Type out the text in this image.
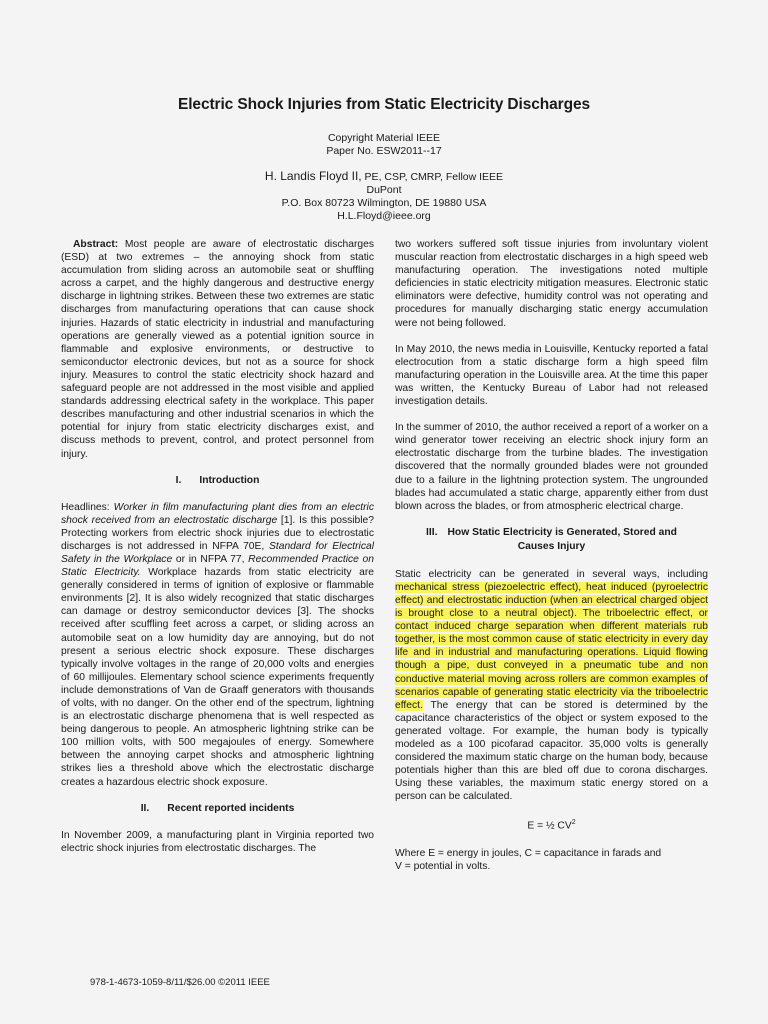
Electric Shock Injuries from Static Electricity Discharges
Copyright Material IEEE
Paper No. ESW2011--17
H. Landis Floyd II, PE, CSP, CMRP, Fellow IEEE
DuPont
P.O. Box 80723 Wilmington, DE 19880 USA
H.L.Floyd@ieee.org

Abstract: Most people are aware of electrostatic discharges (ESD) at two extremes – the annoying shock from static accumulation from sliding across an automobile seat or shuffling across a carpet, and the highly dangerous and destructive energy discharge in lightning strikes. Between these two extremes are static discharges from manufacturing operations that can cause shock injuries. Hazards of static electricity in industrial and manufacturing operations are generally viewed as a potential ignition source in flammable and explosive environments, or destructive to semiconductor electronic devices, but not as a source for shock injury. Measures to control the static electricity shock hazard and safeguard people are not addressed in the most visible and applied standards addressing electrical safety in the workplace. This paper describes manufacturing and other industrial scenarios in which the potential for injury from static electricity discharges exist, and discuss methods to prevent, control, and protect personnel from injury.

I. Introduction

Headlines: Worker in film manufacturing plant dies from an electric shock received from an electrostatic discharge [1]. Is this possible? Protecting workers from electric shock injuries due to electrostatic discharges is not addressed in NFPA 70E, Standard for Electrical Safety in the Workplace or in NFPA 77, Recommended Practice on Static Electricity. Workplace hazards from static electricity are generally considered in terms of ignition of explosive or flammable environments [2]. It is also widely recognized that static discharges can damage or destroy semiconductor devices [3]. The shocks received after scuffling feet across a carpet, or sliding across an automobile seat on a low humidity day are annoying, but do not present a serious electric shock exposure. These discharges typically involve voltages in the range of 20,000 volts and energies of 60 millijoules. Elementary school science experiments frequently include demonstrations of Van de Graaff generators with thousands of volts, with no danger. On the other end of the spectrum, lightning is an electrostatic discharge phenomena that is well respected as being dangerous to people. An atmospheric lightning strike can be 100 million volts, with 500 megajoules of energy. Somewhere between the annoying carpet shocks and atmospheric lightning strikes lies a threshold above which the electrostatic discharge creates a hazardous electric shock exposure.

II. Recent reported incidents

In November 2009, a manufacturing plant in Virginia reported two electric shock injuries from electrostatic discharges. The

two workers suffered soft tissue injuries from involuntary violent muscular reaction from electrostatic discharges in a high speed web manufacturing operation. The investigations noted multiple deficiencies in static electricity mitigation measures. Electronic static eliminators were defective, humidity control was not operating and procedures for manually discharging static energy accumulation were not being followed.

In May 2010, the news media in Louisville, Kentucky reported a fatal electrocution from a static discharge form a high speed film manufacturing operation in the Louisville area. At the time this paper was written, the Kentucky Bureau of Labor had not released investigation details.

In the summer of 2010, the author received a report of a worker on a wind generator tower receiving an electric shock injury form an electrostatic discharge from the turbine blades. The investigation discovered that the normally grounded blades were not grounded due to a failure in the lightning protection system. The ungrounded blades had accumulated a static charge, apparently either from dust blown across the blades, or from atmospheric electrical charge.

III. How Static Electricity is Generated, Stored and
Causes Injury

Static electricity can be generated in several ways, including mechanical stress (piezoelectric effect), heat induced (pyroelectric effect) and electrostatic induction (when an electrical charged object is brought close to a neutral object). The triboelectric effect, or contact induced charge separation when different materials rub together, is the most common cause of static electricity in every day life and in industrial and manufacturing operations. Liquid flowing though a pipe, dust conveyed in a pneumatic tube and non conductive material moving across rollers are common examples of scenarios capable of generating static electricity via the triboelectric effect. The energy that can be stored is determined by the capacitance characteristics of the object or system exposed to the generated voltage. For example, the human body is typically modeled as a 100 picofarad capacitor. 35,000 volts is generally considered the maximum static charge on the human body, because potentials higher than this are bled off due to corona discharges. Using these variables, the maximum static energy stored on a person can be calculated.

E = ½ $CV^2$
Where E = energy in joules, C = capacitance in farads and
V = potential in volts.
978-1-4673-1059-8/11/$26.00 ©2011 IEEE
